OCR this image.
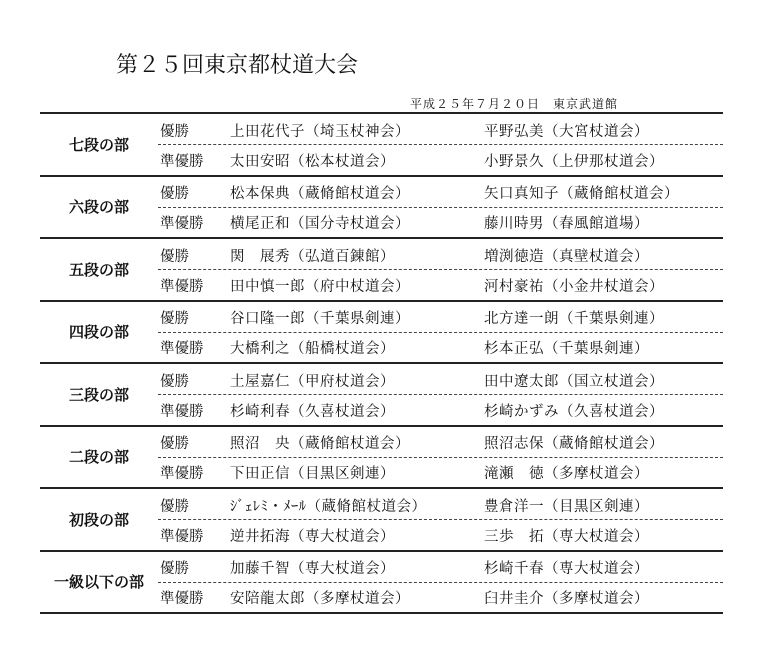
第２５回東京都杖道大会
平成２５年７月２０日　東京武道館
七段の部
優勝	上田花代子（埼玉杖神会）	平野弘美（大宮杖道会）
準優勝	太田安昭（松本杖道会）	小野景久（上伊那杖道会）
六段の部
優勝	松本保典（蔵脩館杖道会）	矢口真知子（蔵脩館杖道会）
準優勝	横尾正和（国分寺杖道会）	藤川時男（春風館道場）
五段の部
優勝	関　展秀（弘道百錬館）	増渕徳造（真壁杖道会）
準優勝	田中慎一郎（府中杖道会）	河村豪祐（小金井杖道会）
四段の部
優勝	谷口隆一郎（千葉県剣連）	北方達一朗（千葉県剣連）
準優勝	大橋利之（船橋杖道会）	杉本正弘（千葉県剣連）
三段の部
優勝	土屋嘉仁（甲府杖道会）	田中遼太郎（国立杖道会）
準優勝	杉崎利春（久喜杖道会）	杉崎かずみ（久喜杖道会）
二段の部
優勝	照沼　央（蔵脩館杖道会）	照沼志保（蔵脩館杖道会）
準優勝	下田正信（目黒区剣連）	滝瀬　徳（多摩杖道会）
初段の部
優勝	ｼﾞｪﾚﾐ・ﾒｰﾙ（蔵脩館杖道会）	豊倉洋一（目黒区剣連）
準優勝	逆井拓海（専大杖道会）	三歩　拓（専大杖道会）
一級以下の部
優勝	加藤千智（専大杖道会）	杉崎千春（専大杖道会）
準優勝	安陪龍太郎（多摩杖道会）	臼井圭介（多摩杖道会）
